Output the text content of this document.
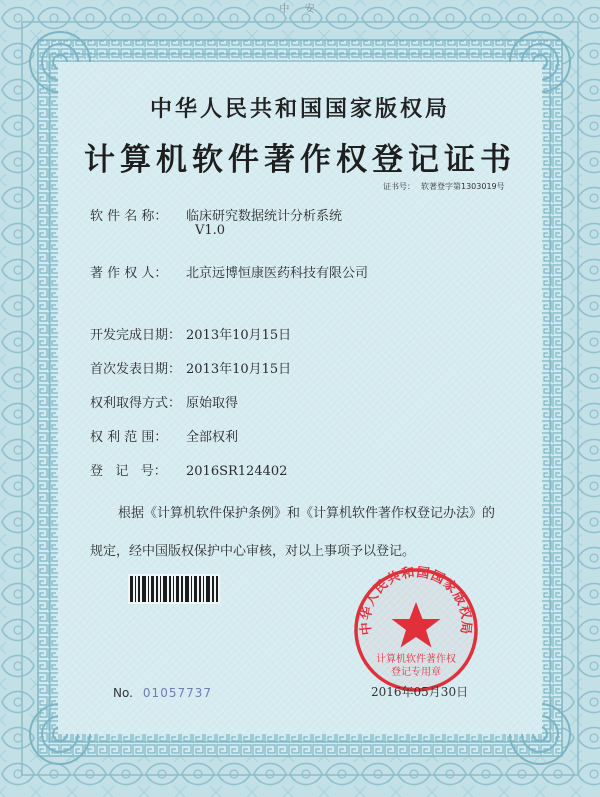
中 安
中华人民共和国国家版权局
计算机软件著作权登记证书
证书号： 软著登字第1303019号
软 件 名 称： 临床研究数据统计分析系统
V1.0
著 作 权 人： 北京远博恒康医药科技有限公司
开发完成日期： 2013年10月15日
首次发表日期： 2013年10月15日
权利取得方式： 原始取得
权 利 范 围： 全部权利
登   记   号： 2016SR124402
根据《计算机软件保护条例》和《计算机软件著作权登记办法》的
规定，经中国版权保护中心审核，对以上事项予以登记。
No. 01057737
中华人民共和国国家版权局
计算机软件著作权
登记专用章
2016年05月30日
